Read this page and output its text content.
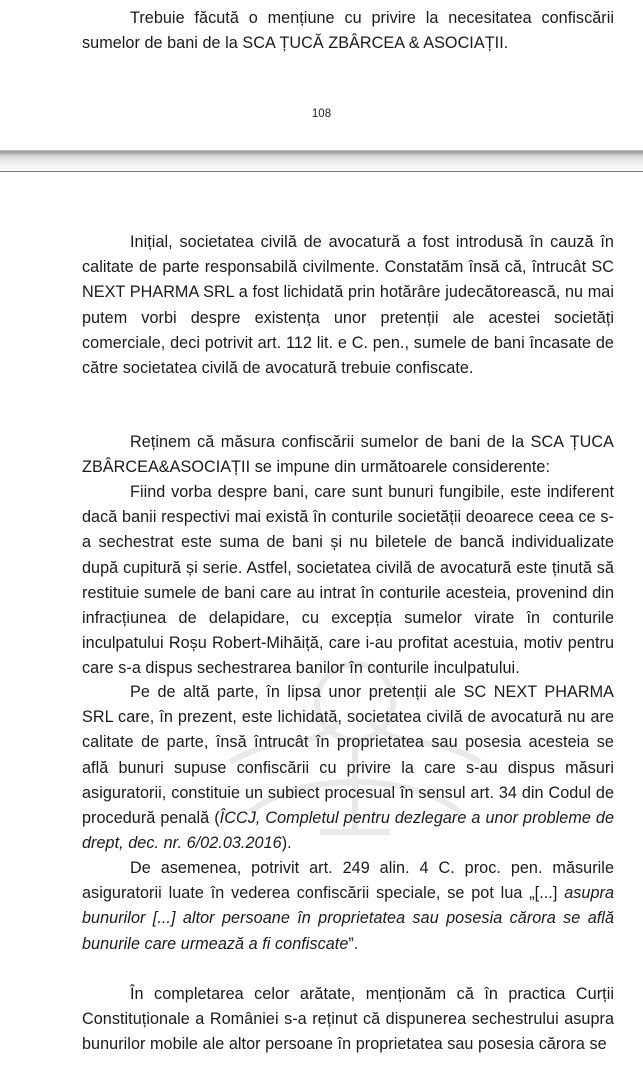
Trebuie făcută o mențiune cu privire la necesitatea confiscării sumelor de bani de la SCA ȚUCĂ ZBÂRCEA & ASOCIAȚII.
108
Inițial, societatea civilă de avocatură a fost introdusă în cauză în calitate de parte responsabilă civilmente. Constatăm însă că, întrucât SC NEXT PHARMA SRL a fost lichidată prin hotărâre judecătorească, nu mai putem vorbi despre existența unor pretenții ale acestei societăți comerciale, deci potrivit art. 112 lit. e C. pen., sumele de bani încasate de către societatea civilă de avocatură trebuie confiscate.
Reținem că măsura confiscării sumelor de bani de la SCA ȚUCA ZBÂRCEA&ASOCIAȚII se impune din următoarele considerente:
Fiind vorba despre bani, care sunt bunuri fungibile, este indiferent dacă banii respectivi mai există în conturile societății deoarece ceea ce s-a sechestrat este suma de bani și nu biletele de bancă individualizate după cupitură și serie. Astfel, societatea civilă de avocatură este ținută să restituie sumele de bani care au intrat în conturile acesteia, provenind din infracțiunea de delapidare, cu excepția sumelor virate în conturile inculpatului Roșu Robert-Mihăiță, care i-au profitat acestuia, motiv pentru care s-a dispus sechestrarea banilor în conturile inculpatului.
Pe de altă parte, în lipsa unor pretenții ale SC NEXT PHARMA SRL care, în prezent, este lichidată, societatea civilă de avocatură nu are calitate de parte, însă întrucât în proprietatea sau posesia acesteia se află bunuri supuse confiscării cu privire la care s-au dispus măsuri asiguratorii, constituie un subiect procesual în sensul art. 34 din Codul de procedură penală (ÎCCJ, Completul pentru dezlegare a unor probleme de drept, dec. nr. 6/02.03.2016).
De asemenea, potrivit art. 249 alin. 4 C. proc. pen. măsurile asiguratorii luate în vederea confiscării speciale, se pot lua „[...] asupra bunurilor [...] altor persoane în proprietatea sau posesia cărora se află bunurile care urmează a fi confiscate”.
În completarea celor arătate, menționăm că în practica Curții Constituționale a României s-a reținut că dispunerea sechestrului asupra bunurilor mobile ale altor persoane în proprietatea sau posesia cărora se
